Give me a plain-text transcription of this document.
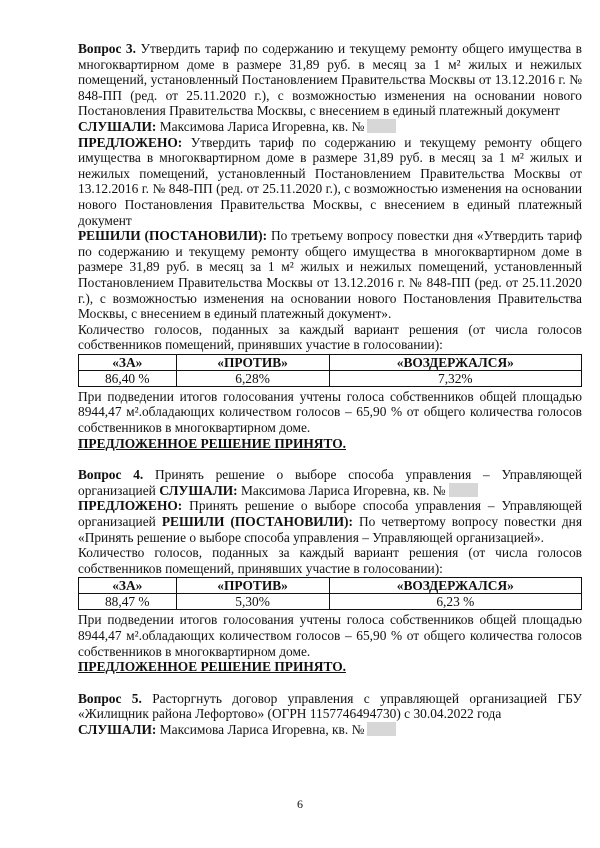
Вопрос 3. Утвердить тариф по содержанию и текущему ремонту общего имущества в многоквартирном доме в размере 31,89 руб. в месяц за 1 м² жилых и нежилых помещений, установленный Постановлением Правительства Москвы от 13.12.2016 г. № 848-ПП (ред. от 25.11.2020 г.), с возможностью изменения на основании нового Постановления Правительства Москвы, с внесением в единый платежный документ

СЛУШАЛИ: Максимова Лариса Игоревна, кв. №

ПРЕДЛОЖЕНО: Утвердить тариф по содержанию и текущему ремонту общего имущества в многоквартирном доме в размере 31,89 руб. в месяц за 1 м² жилых и нежилых помещений, установленный Постановлением Правительства Москвы от 13.12.2016 г. № 848-ПП (ред. от 25.11.2020 г.), с возможностью изменения на основании нового Постановления Правительства Москвы, с внесением в единый платежный документ

РЕШИЛИ (ПОСТАНОВИЛИ): По третьему вопросу повестки дня «Утвердить тариф по содержанию и текущему ремонту общего имущества в многоквартирном доме в размере 31,89 руб. в месяц за 1 м² жилых и нежилых помещений, установленный Постановлением Правительства Москвы от 13.12.2016 г. № 848-ПП (ред. от 25.11.2020 г.), с возможностью изменения на основании нового Постановления Правительства Москвы, с внесением в единый платежный документ».

Количество голосов, поданных за каждый вариант решения (от числа голосов собственников помещений, принявших участие в голосовании):

«ЗА»	«ПРОТИВ»	«ВОЗДЕРЖАЛСЯ»
86,40 %	6,28%	7,32%

При подведении итогов голосования учтены голоса собственников общей площадью 8944,47 м².обладающих количеством голосов – 65,90 % от общего количества голосов собственников в многоквартирном доме.

ПРЕДЛОЖЕННОЕ РЕШЕНИЕ ПРИНЯТО.

Вопрос 4. Принять решение о выборе способа управления – Управляющей организацией СЛУШАЛИ: Максимова Лариса Игоревна, кв. №

ПРЕДЛОЖЕНО: Принять решение о выборе способа управления – Управляющей организацией РЕШИЛИ (ПОСТАНОВИЛИ): По четвертому вопросу повестки дня «Принять решение о выборе способа управления – Управляющей организацией».

Количество голосов, поданных за каждый вариант решения (от числа голосов собственников помещений, принявших участие в голосовании):

«ЗА»	«ПРОТИВ»	«ВОЗДЕРЖАЛСЯ»
88,47 %	5,30%	6,23 %

При подведении итогов голосования учтены голоса собственников общей площадью 8944,47 м².обладающих количеством голосов – 65,90 % от общего количества голосов собственников в многоквартирном доме.

ПРЕДЛОЖЕННОЕ РЕШЕНИЕ ПРИНЯТО.

Вопрос 5. Расторгнуть договор управления с управляющей организацией ГБУ «Жилищник района Лефортово» (ОГРН 1157746494730) с 30.04.2022 года

СЛУШАЛИ: Максимова Лариса Игоревна, кв. №

6
